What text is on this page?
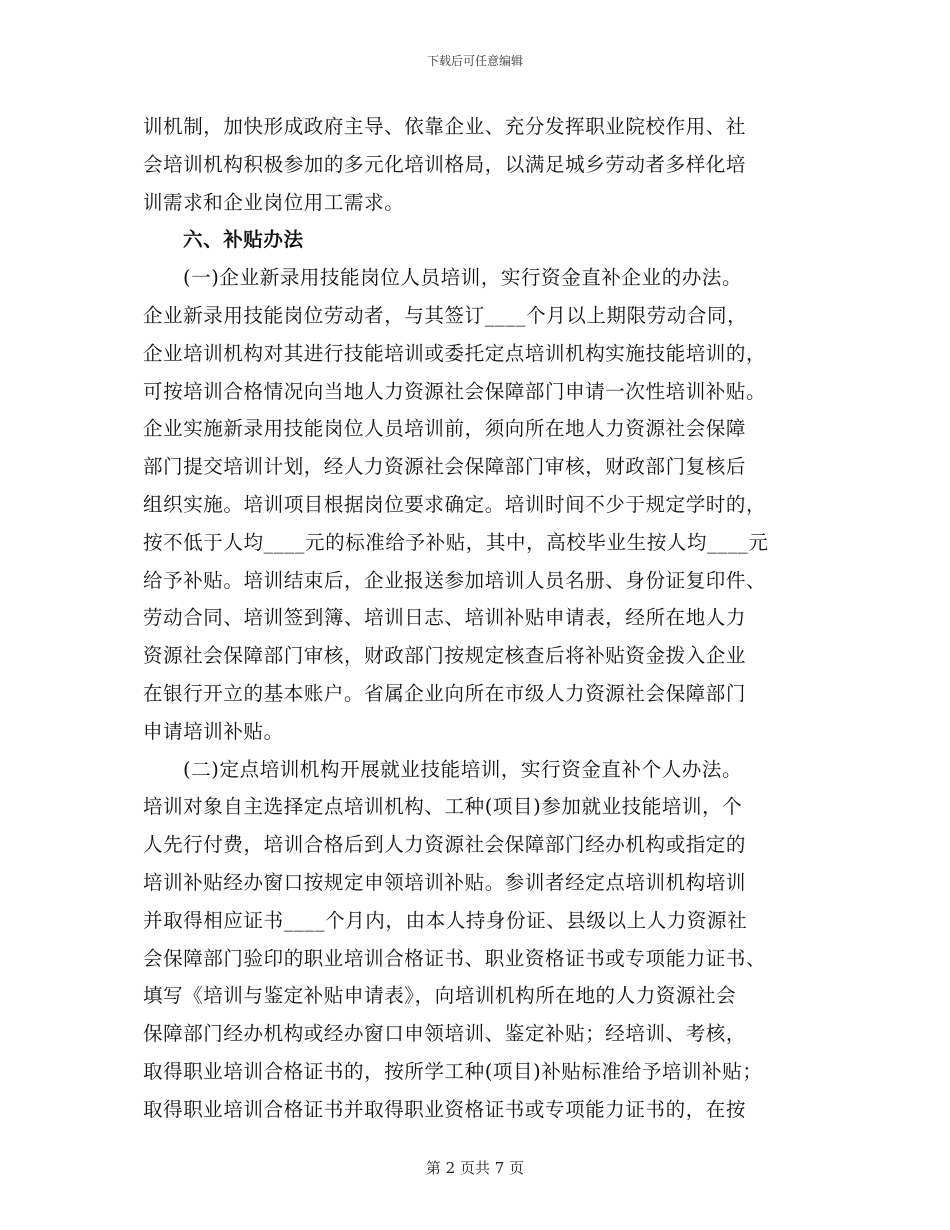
下载后可任意编辑
训机制，加快形成政府主导、依靠企业、充分发挥职业院校作用、社
会培训机构积极参加的多元化培训格局，以满足城乡劳动者多样化培
训需求和企业岗位用工需求。
六、补贴办法
(一)企业新录用技能岗位人员培训，实行资金直补企业的办法。
企业新录用技能岗位劳动者，与其签订____个月以上期限劳动合同，
企业培训机构对其进行技能培训或委托定点培训机构实施技能培训的，
可按培训合格情况向当地人力资源社会保障部门申请一次性培训补贴。
企业实施新录用技能岗位人员培训前，须向所在地人力资源社会保障
部门提交培训计划，经人力资源社会保障部门审核，财政部门复核后
组织实施。培训项目根据岗位要求确定。培训时间不少于规定学时的，
按不低于人均____元的标准给予补贴，其中，高校毕业生按人均____元
给予补贴。培训结束后，企业报送参加培训人员名册、身份证复印件、
劳动合同、培训签到簿、培训日志、培训补贴申请表，经所在地人力
资源社会保障部门审核，财政部门按规定核查后将补贴资金拨入企业
在银行开立的基本账户。省属企业向所在市级人力资源社会保障部门
申请培训补贴。
(二)定点培训机构开展就业技能培训，实行资金直补个人办法。
培训对象自主选择定点培训机构、工种(项目)参加就业技能培训，个
人先行付费，培训合格后到人力资源社会保障部门经办机构或指定的
培训补贴经办窗口按规定申领培训补贴。参训者经定点培训机构培训
并取得相应证书____个月内，由本人持身份证、县级以上人力资源社
会保障部门验印的职业培训合格证书、职业资格证书或专项能力证书、
填写《培训与鉴定补贴申请表》，向培训机构所在地的人力资源社会
保障部门经办机构或经办窗口申领培训、鉴定补贴；经培训、考核，
取得职业培训合格证书的，按所学工种(项目)补贴标准给予培训补贴；
取得职业培训合格证书并取得职业资格证书或专项能力证书的，在按
第 2 页共 7 页
